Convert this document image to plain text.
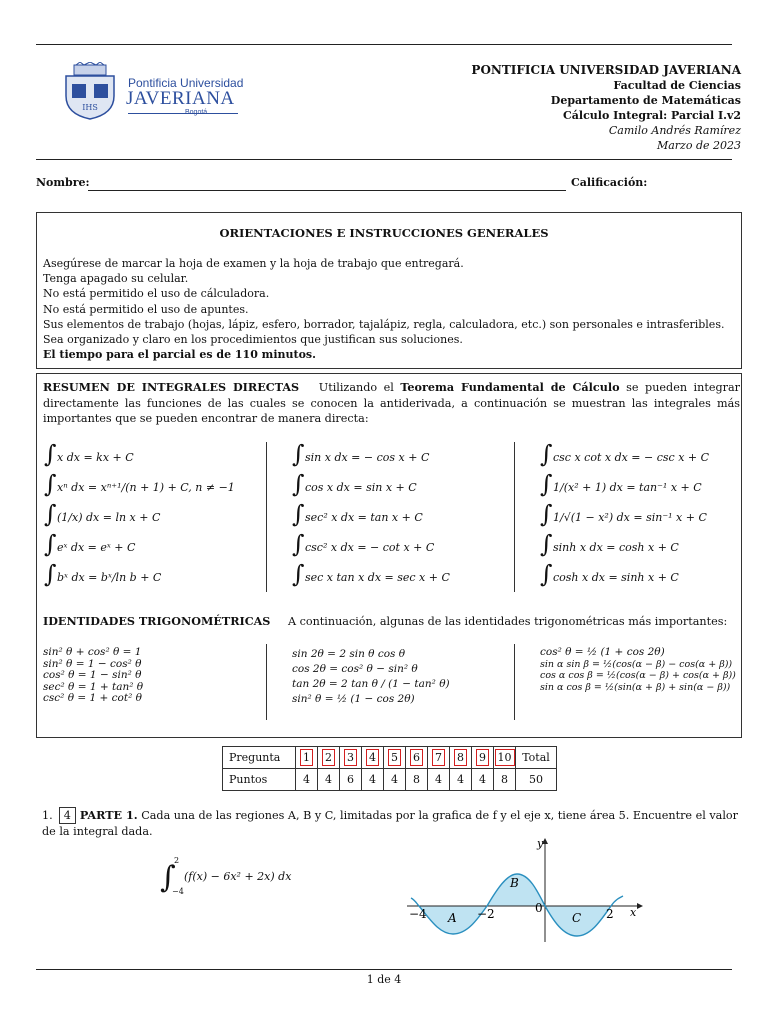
IHS
Pontificia Universidad
JAVERIANA
PONTIFICIA UNIVERSIDAD JAVERIANA
Facultad de Ciencias
Departamento de Matemáticas
Cálculo Integral: Parcial I.v2
Camilo Andrés Ramírez
Marzo de 2023
Nombre:	Calificación:
ORIENTACIONES E INSTRUCCIONES GENERALES
Asegúrese de marcar la hoja de examen y la hoja de trabajo que entregará.
Tenga apagado su celular.
No está permitido el uso de cálculadora.
No está permitido el uso de apuntes.
Sus elementos de trabajo (hojas, lápiz, esfero, borrador, tajalápiz, regla, calculadora, etc.) son personales e intrasferibles.
Sea organizado y claro en los procedimientos que justifican sus soluciones.
El tiempo para el parcial es de 110 minutos.
RESUMEN DE INTEGRALES DIRECTAS Utilizando el Teorema Fundamental de Cálculo se pueden integrar directamente las funciones de las cuales se conocen la antiderivada, a continuación se muestran las integrales más importantes que se pueden encontrar de manera directa:
∫ x dx = kx + C
∫ xⁿ dx = xⁿ⁺¹/(n + 1) + C, n ≠ −1
∫ (1/x) dx = ln x + C
∫ eˣ dx = eˣ + C
∫ bˣ dx = bˣ/ln b + C
∫ sin x dx = − cos x + C
∫ cos x dx = sin x + C
∫ sec² x dx = tan x + C
∫ csc² x dx = − cot x + C
∫ sec x tan x dx = sec x + C
∫ csc x cot x dx = − csc x + C
∫ 1/(x² + 1) dx = tan⁻¹ x + C
∫ 1/√(1 − x²) dx = sin⁻¹ x + C
∫ sinh x dx = cosh x + C
∫ cosh x dx = sinh x + C
IDENTIDADES TRIGONOMÉTRICAS A continuación, algunas de las identidades trigonométricas más importantes:
sin² θ + cos² θ = 1
sin² θ = 1 − cos² θ
cos² θ = 1 − sin² θ
sec² θ = 1 + tan² θ
csc² θ = 1 + cot² θ
sin 2θ = 2 sin θ cos θ
cos 2θ = cos² θ − sin² θ
tan 2θ = 2 tan θ / (1 − tan² θ)
sin² θ = ½ (1 − cos 2θ)
cos² θ = ½ (1 + cos 2θ)
sin α sin β = ½(cos(α − β) − cos(α + β))
cos α cos β = ½(cos(α − β) + cos(α + β))
sin α cos β = ½(sin(α + β) + sin(α − β))
Pregunta	1	2	3	4	5	6	7	8	9	10	Total
Puntos	4	4	6	4	4	8	4	4	4	8	50
1. 4 PARTE 1. Cada una de las regiones A, B y C, limitadas por la grafica de f y el eje x, tiene área 5. Encuentre el valor de la integral dada.
∫
2
−4
(f(x) − 6x² + 2x) dx
y
x
−4	−2	0	2
A
B
C
1 de 4
